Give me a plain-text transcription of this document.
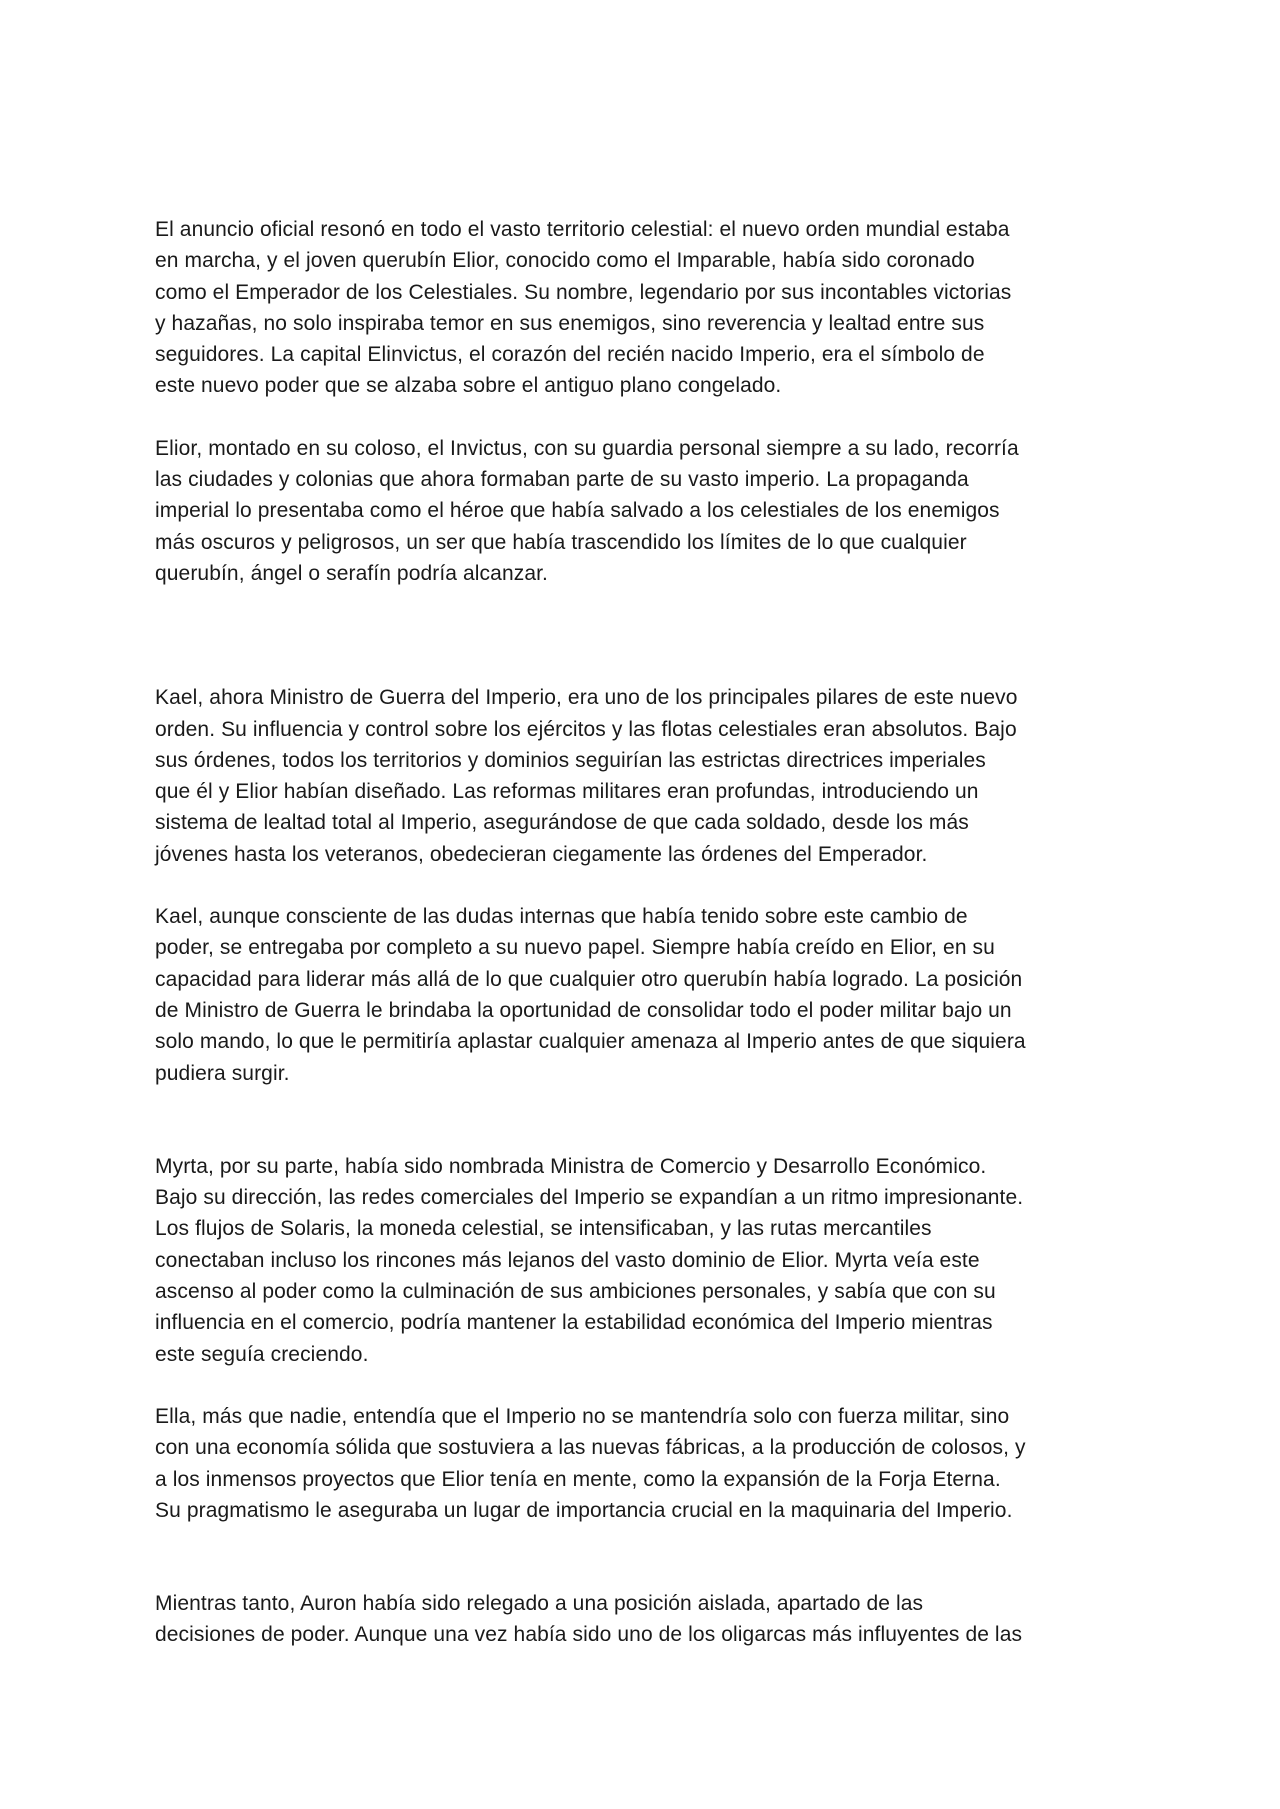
El anuncio oficial resonó en todo el vasto territorio celestial: el nuevo orden mundial estaba
en marcha, y el joven querubín Elior, conocido como el Imparable, había sido coronado
como el Emperador de los Celestiales. Su nombre, legendario por sus incontables victorias
y hazañas, no solo inspiraba temor en sus enemigos, sino reverencia y lealtad entre sus
seguidores. La capital Elinvictus, el corazón del recién nacido Imperio, era el símbolo de
este nuevo poder que se alzaba sobre el antiguo plano congelado.

Elior, montado en su coloso, el Invictus, con su guardia personal siempre a su lado, recorría
las ciudades y colonias que ahora formaban parte de su vasto imperio. La propaganda
imperial lo presentaba como el héroe que había salvado a los celestiales de los enemigos
más oscuros y peligrosos, un ser que había trascendido los límites de lo que cualquier
querubín, ángel o serafín podría alcanzar.

Kael, ahora Ministro de Guerra del Imperio, era uno de los principales pilares de este nuevo
orden. Su influencia y control sobre los ejércitos y las flotas celestiales eran absolutos. Bajo
sus órdenes, todos los territorios y dominios seguirían las estrictas directrices imperiales
que él y Elior habían diseñado. Las reformas militares eran profundas, introduciendo un
sistema de lealtad total al Imperio, asegurándose de que cada soldado, desde los más
jóvenes hasta los veteranos, obedecieran ciegamente las órdenes del Emperador.

Kael, aunque consciente de las dudas internas que había tenido sobre este cambio de
poder, se entregaba por completo a su nuevo papel. Siempre había creído en Elior, en su
capacidad para liderar más allá de lo que cualquier otro querubín había logrado. La posición
de Ministro de Guerra le brindaba la oportunidad de consolidar todo el poder militar bajo un
solo mando, lo que le permitiría aplastar cualquier amenaza al Imperio antes de que siquiera
pudiera surgir.

Myrta, por su parte, había sido nombrada Ministra de Comercio y Desarrollo Económico.
Bajo su dirección, las redes comerciales del Imperio se expandían a un ritmo impresionante.
Los flujos de Solaris, la moneda celestial, se intensificaban, y las rutas mercantiles
conectaban incluso los rincones más lejanos del vasto dominio de Elior. Myrta veía este
ascenso al poder como la culminación de sus ambiciones personales, y sabía que con su
influencia en el comercio, podría mantener la estabilidad económica del Imperio mientras
este seguía creciendo.

Ella, más que nadie, entendía que el Imperio no se mantendría solo con fuerza militar, sino
con una economía sólida que sostuviera a las nuevas fábricas, a la producción de colosos, y
a los inmensos proyectos que Elior tenía en mente, como la expansión de la Forja Eterna.
Su pragmatismo le aseguraba un lugar de importancia crucial en la maquinaria del Imperio.

Mientras tanto, Auron había sido relegado a una posición aislada, apartado de las
decisiones de poder. Aunque una vez había sido uno de los oligarcas más influyentes de las
